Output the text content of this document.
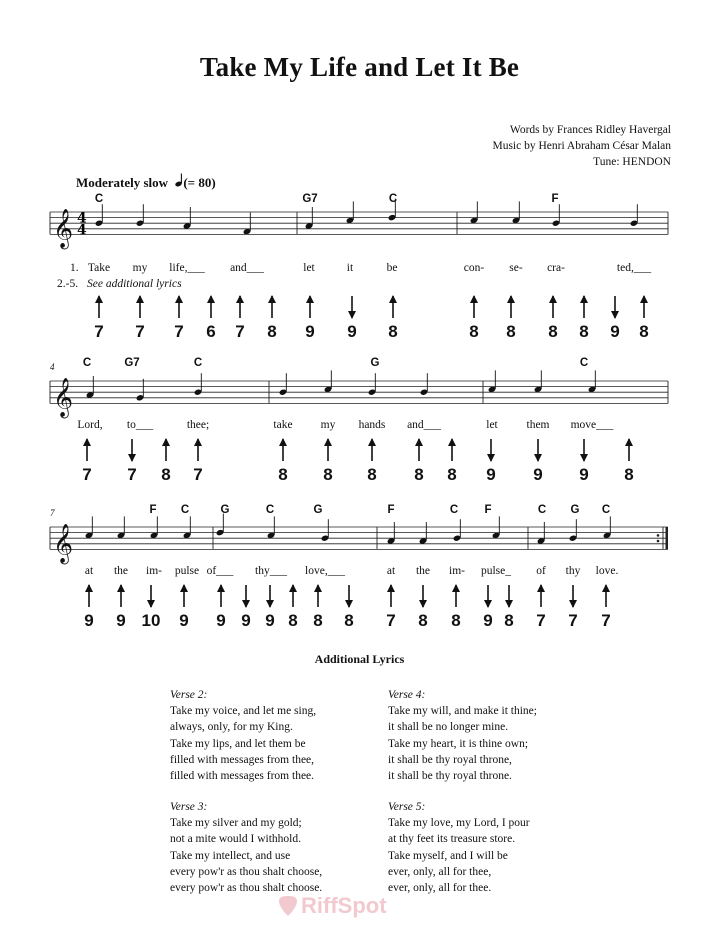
Take My Life and Let It Be
Words by Frances Ridley Havergal
Music by Henri Abraham César Malan
Tune: HENDON
Moderately slow (= 80)
𝄞 4
4
𝄞
𝄞
C	G7	C	F
Take my life,___ and___	let	it	be	con- se- cra-	ted,___
1.
2.-5. See additional lyrics
7 7 7 6 7 8 9 9 8	8 8 8 8 9 8
C	G7	C	G	C
Lord, to___	thee;	take my hands and___	let	them move___
4
7 7 8 7	8 8 8 8 8 9 9 9 8
F C	G	C	G	F	C F	C G C
at the im- pulse of___ thy___ love,___	at the im- pulse_ of thy love.
7
9 9 10 9 9 9 9 8 8 8 7 8 8 9 8 7 7 7
Additional Lyrics
Verse 2:
Take my voice, and let me sing,
always, only, for my King.
Take my lips, and let them be
filled with messages from thee,
filled with messages from thee.
Verse 3:
Take my silver and my gold;
not a mite would I withhold.
Take my intellect, and use
every pow'r as thou shalt choose,
every pow'r as thou shalt choose.
Verse 4:
Take my will, and make it thine;
it shall be no longer mine.
Take my heart, it is thine own;
it shall be thy royal throne,
it shall be thy royal throne.
Verse 5:
Take my love, my Lord, I pour
at thy feet its treasure store.
Take myself, and I will be
ever, only, all for thee,
ever, only, all for thee.
RiffSpot
